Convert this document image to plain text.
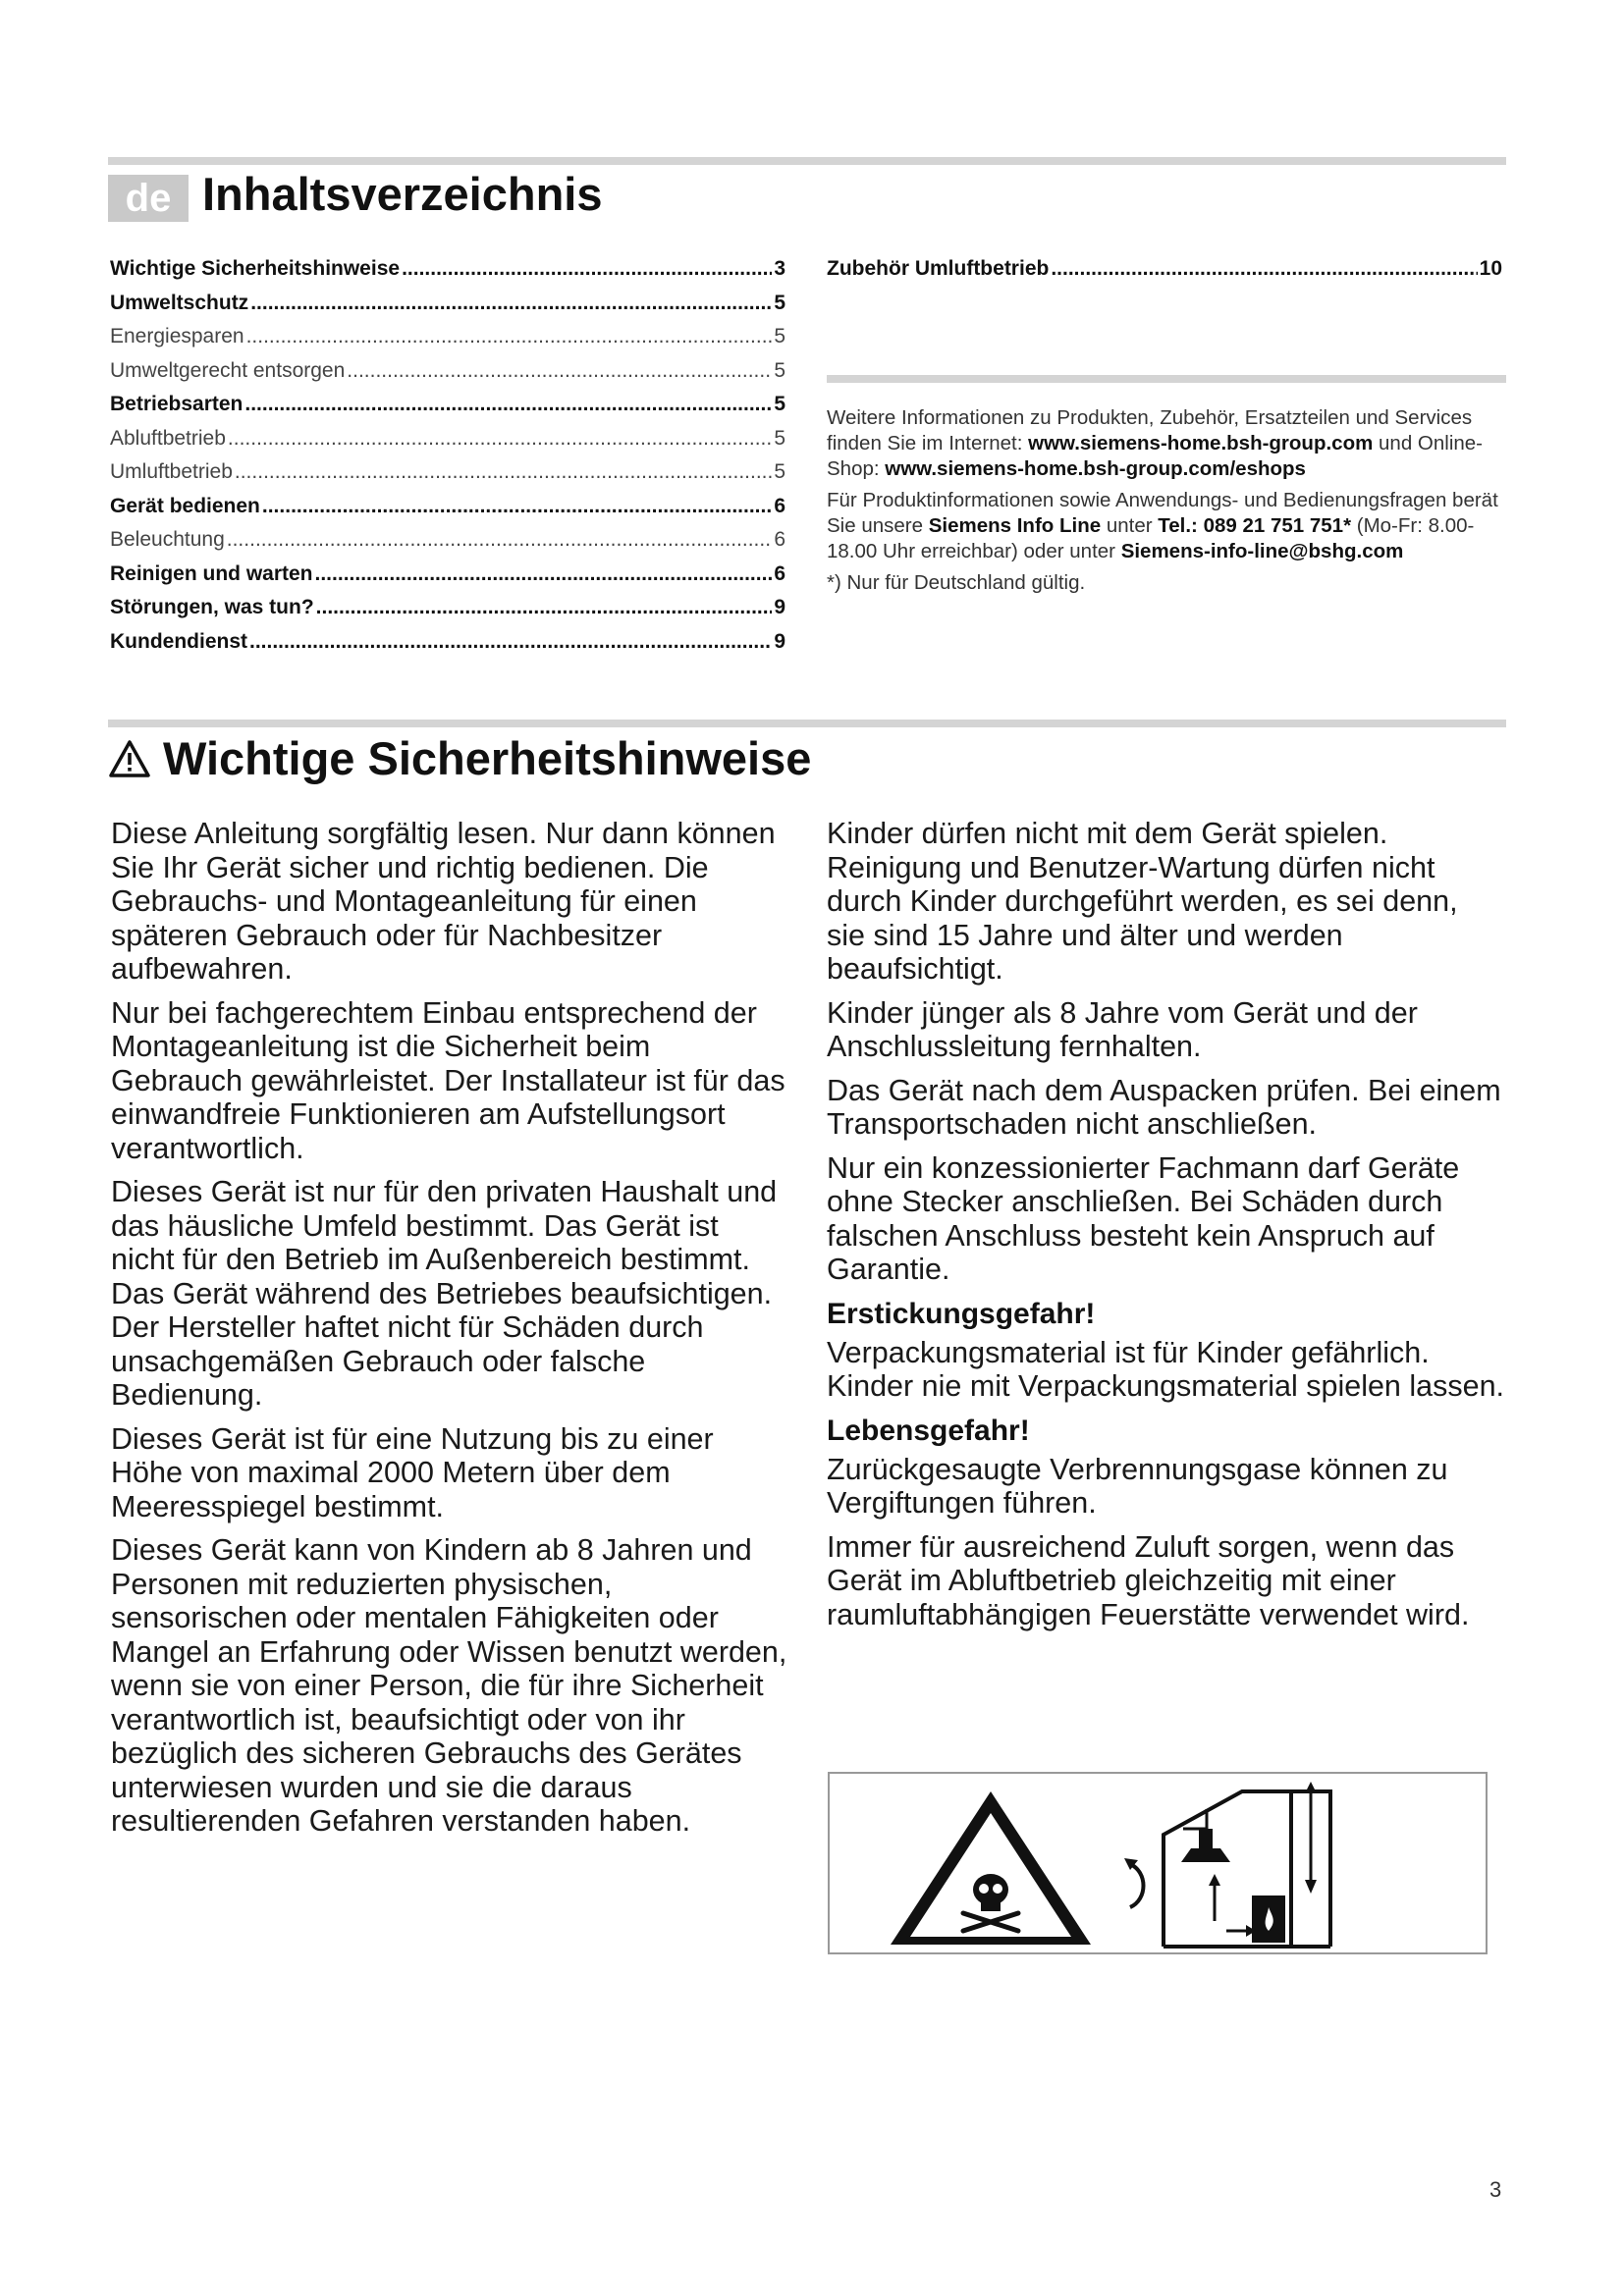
de Inhaltsverzeichnis
Wichtige Sicherheitshinweise .....	3
Umweltschutz .....	5
Energiesparen .....	5
Umweltgerecht entsorgen .....	5
Betriebsarten .....	5
Abluftbetrieb .....	5
Umluftbetrieb .....	5
Gerät bedienen .....	6
Beleuchtung .....	6
Reinigen und warten .....	6
Störungen, was tun? .....	9
Kundendienst .....	9
Zubehör Umluftbetrieb .....	10

Weitere Informationen zu Produkten, Zubehör, Ersatzteilen und Services finden Sie im Internet: www.siemens-home.bsh-group.com und Online-Shop: www.siemens-home.bsh-group.com/eshops

Für Produktinformationen sowie Anwendungs- und Bedienungsfragen berät Sie unsere Siemens Info Line unter Tel.: 089 21 751 751* (Mo-Fr: 8.00-18.00 Uhr erreichbar) oder unter Siemens-info-line@bshg.com

*) Nur für Deutschland gültig.

Wichtige Sicherheitshinweise

Diese Anleitung sorgfältig lesen. Nur dann können Sie Ihr Gerät sicher und richtig bedienen. Die Gebrauchs- und Montageanleitung für einen späteren Gebrauch oder für Nachbesitzer aufbewahren.

Nur bei fachgerechtem Einbau entsprechend der Montageanleitung ist die Sicherheit beim Gebrauch gewährleistet. Der Installateur ist für das einwandfreie Funktionieren am Aufstellungsort verantwortlich.

Dieses Gerät ist nur für den privaten Haushalt und das häusliche Umfeld bestimmt. Das Gerät ist nicht für den Betrieb im Außenbereich bestimmt. Das Gerät während des Betriebes beaufsichtigen. Der Hersteller haftet nicht für Schäden durch unsachgemäßen Gebrauch oder falsche Bedienung.

Dieses Gerät ist für eine Nutzung bis zu einer Höhe von maximal 2000 Metern über dem Meeresspiegel bestimmt.

Dieses Gerät kann von Kindern ab 8 Jahren und Personen mit reduzierten physischen, sensorischen oder mentalen Fähigkeiten oder Mangel an Erfahrung oder Wissen benutzt werden, wenn sie von einer Person, die für ihre Sicherheit verantwortlich ist, beaufsichtigt oder von ihr bezüglich des sicheren Gebrauchs des Gerätes unterwiesen wurden und sie die daraus resultierenden Gefahren verstanden haben.

Kinder dürfen nicht mit dem Gerät spielen. Reinigung und Benutzer-Wartung dürfen nicht durch Kinder durchgeführt werden, es sei denn, sie sind 15 Jahre und älter und werden beaufsichtigt.

Kinder jünger als 8 Jahre vom Gerät und der Anschlussleitung fernhalten.

Das Gerät nach dem Auspacken prüfen. Bei einem Transportschaden nicht anschließen.

Nur ein konzessionierter Fachmann darf Geräte ohne Stecker anschließen. Bei Schäden durch falschen Anschluss besteht kein Anspruch auf Garantie.

Erstickungsgefahr!

Verpackungsmaterial ist für Kinder gefährlich. Kinder nie mit Verpackungsmaterial spielen lassen.

Lebensgefahr!

Zurückgesaugte Verbrennungsgase können zu Vergiftungen führen.

Immer für ausreichend Zuluft sorgen, wenn das Gerät im Abluftbetrieb gleichzeitig mit einer raumluftabhängigen Feuerstätte verwendet wird.

3
